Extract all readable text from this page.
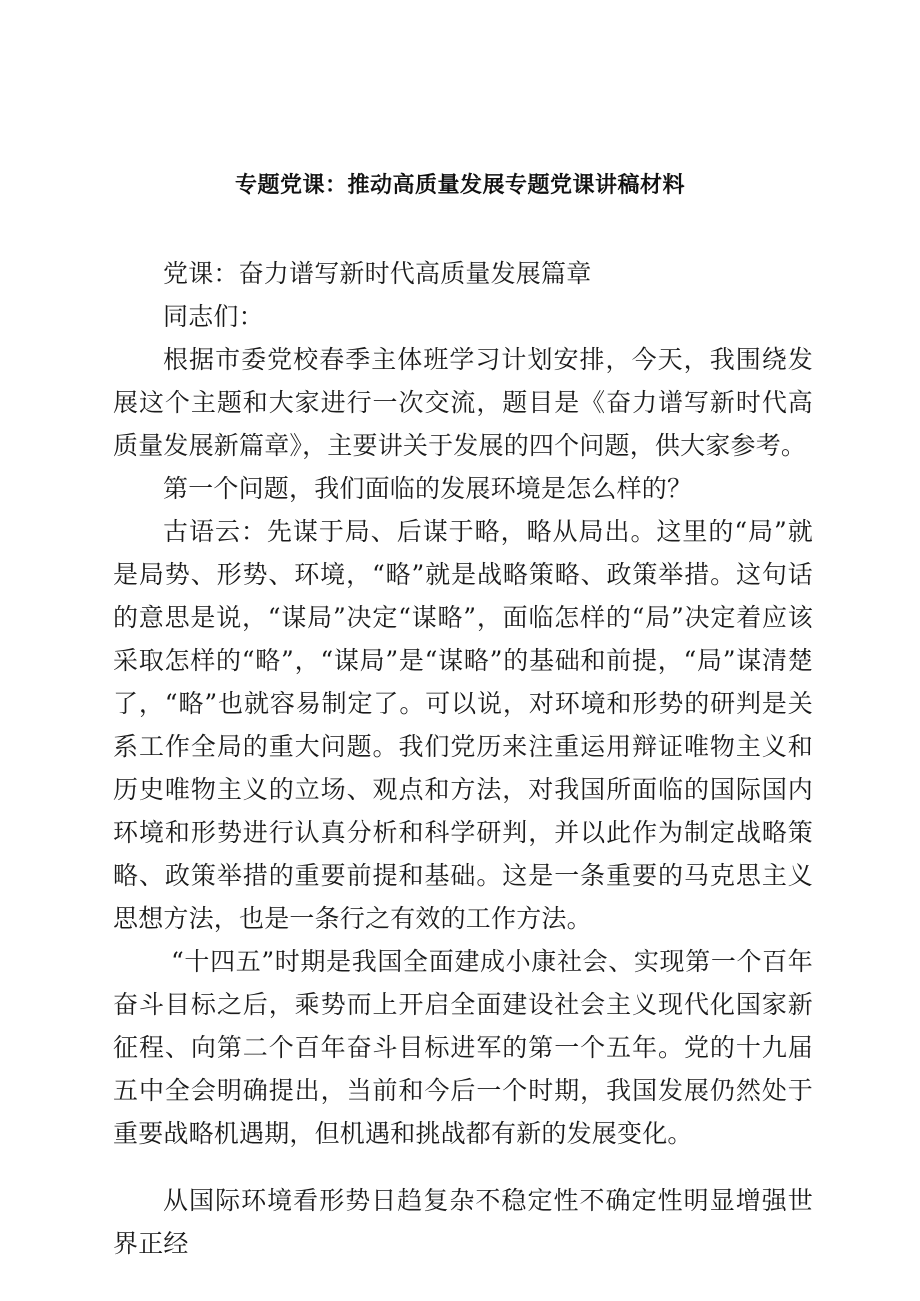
专题党课：推动高质量发展专题党课讲稿材料

党课：奋力谱写新时代高质量发展篇章

同志们：

根据市委党校春季主体班学习计划安排，今天，我围绕发展这个主题和大家进行一次交流，题目是《奋力谱写新时代高质量发展新篇章》，主要讲关于发展的四个问题，供大家参考。

第一个问题，我们面临的发展环境是怎么样的？

古语云：先谋于局、后谋于略，略从局出。这里的“局”就是局势、形势、环境，“略”就是战略策略、政策举措。这句话的意思是说，“谋局”决定“谋略”，面临怎样的“局”决定着应该采取怎样的“略”，“谋局”是“谋略”的基础和前提，“局”谋清楚了，“略”也就容易制定了。可以说，对环境和形势的研判是关系工作全局的重大问题。我们党历来注重运用辩证唯物主义和历史唯物主义的立场、观点和方法，对我国所面临的国际国内环境和形势进行认真分析和科学研判，并以此作为制定战略策略、政策举措的重要前提和基础。这是一条重要的马克思主义思想方法，也是一条行之有效的工作方法。

“十四五”时期是我国全面建成小康社会、实现第一个百年奋斗目标之后，乘势而上开启全面建设社会主义现代化国家新征程、向第二个百年奋斗目标进军的第一个五年。党的十九届五中全会明确提出，当前和今后一个时期，我国发展仍然处于重要战略机遇期，但机遇和挑战都有新的发展变化。

从国际环境看形势日趋复杂不稳定性不确定性明显增强世界正经
